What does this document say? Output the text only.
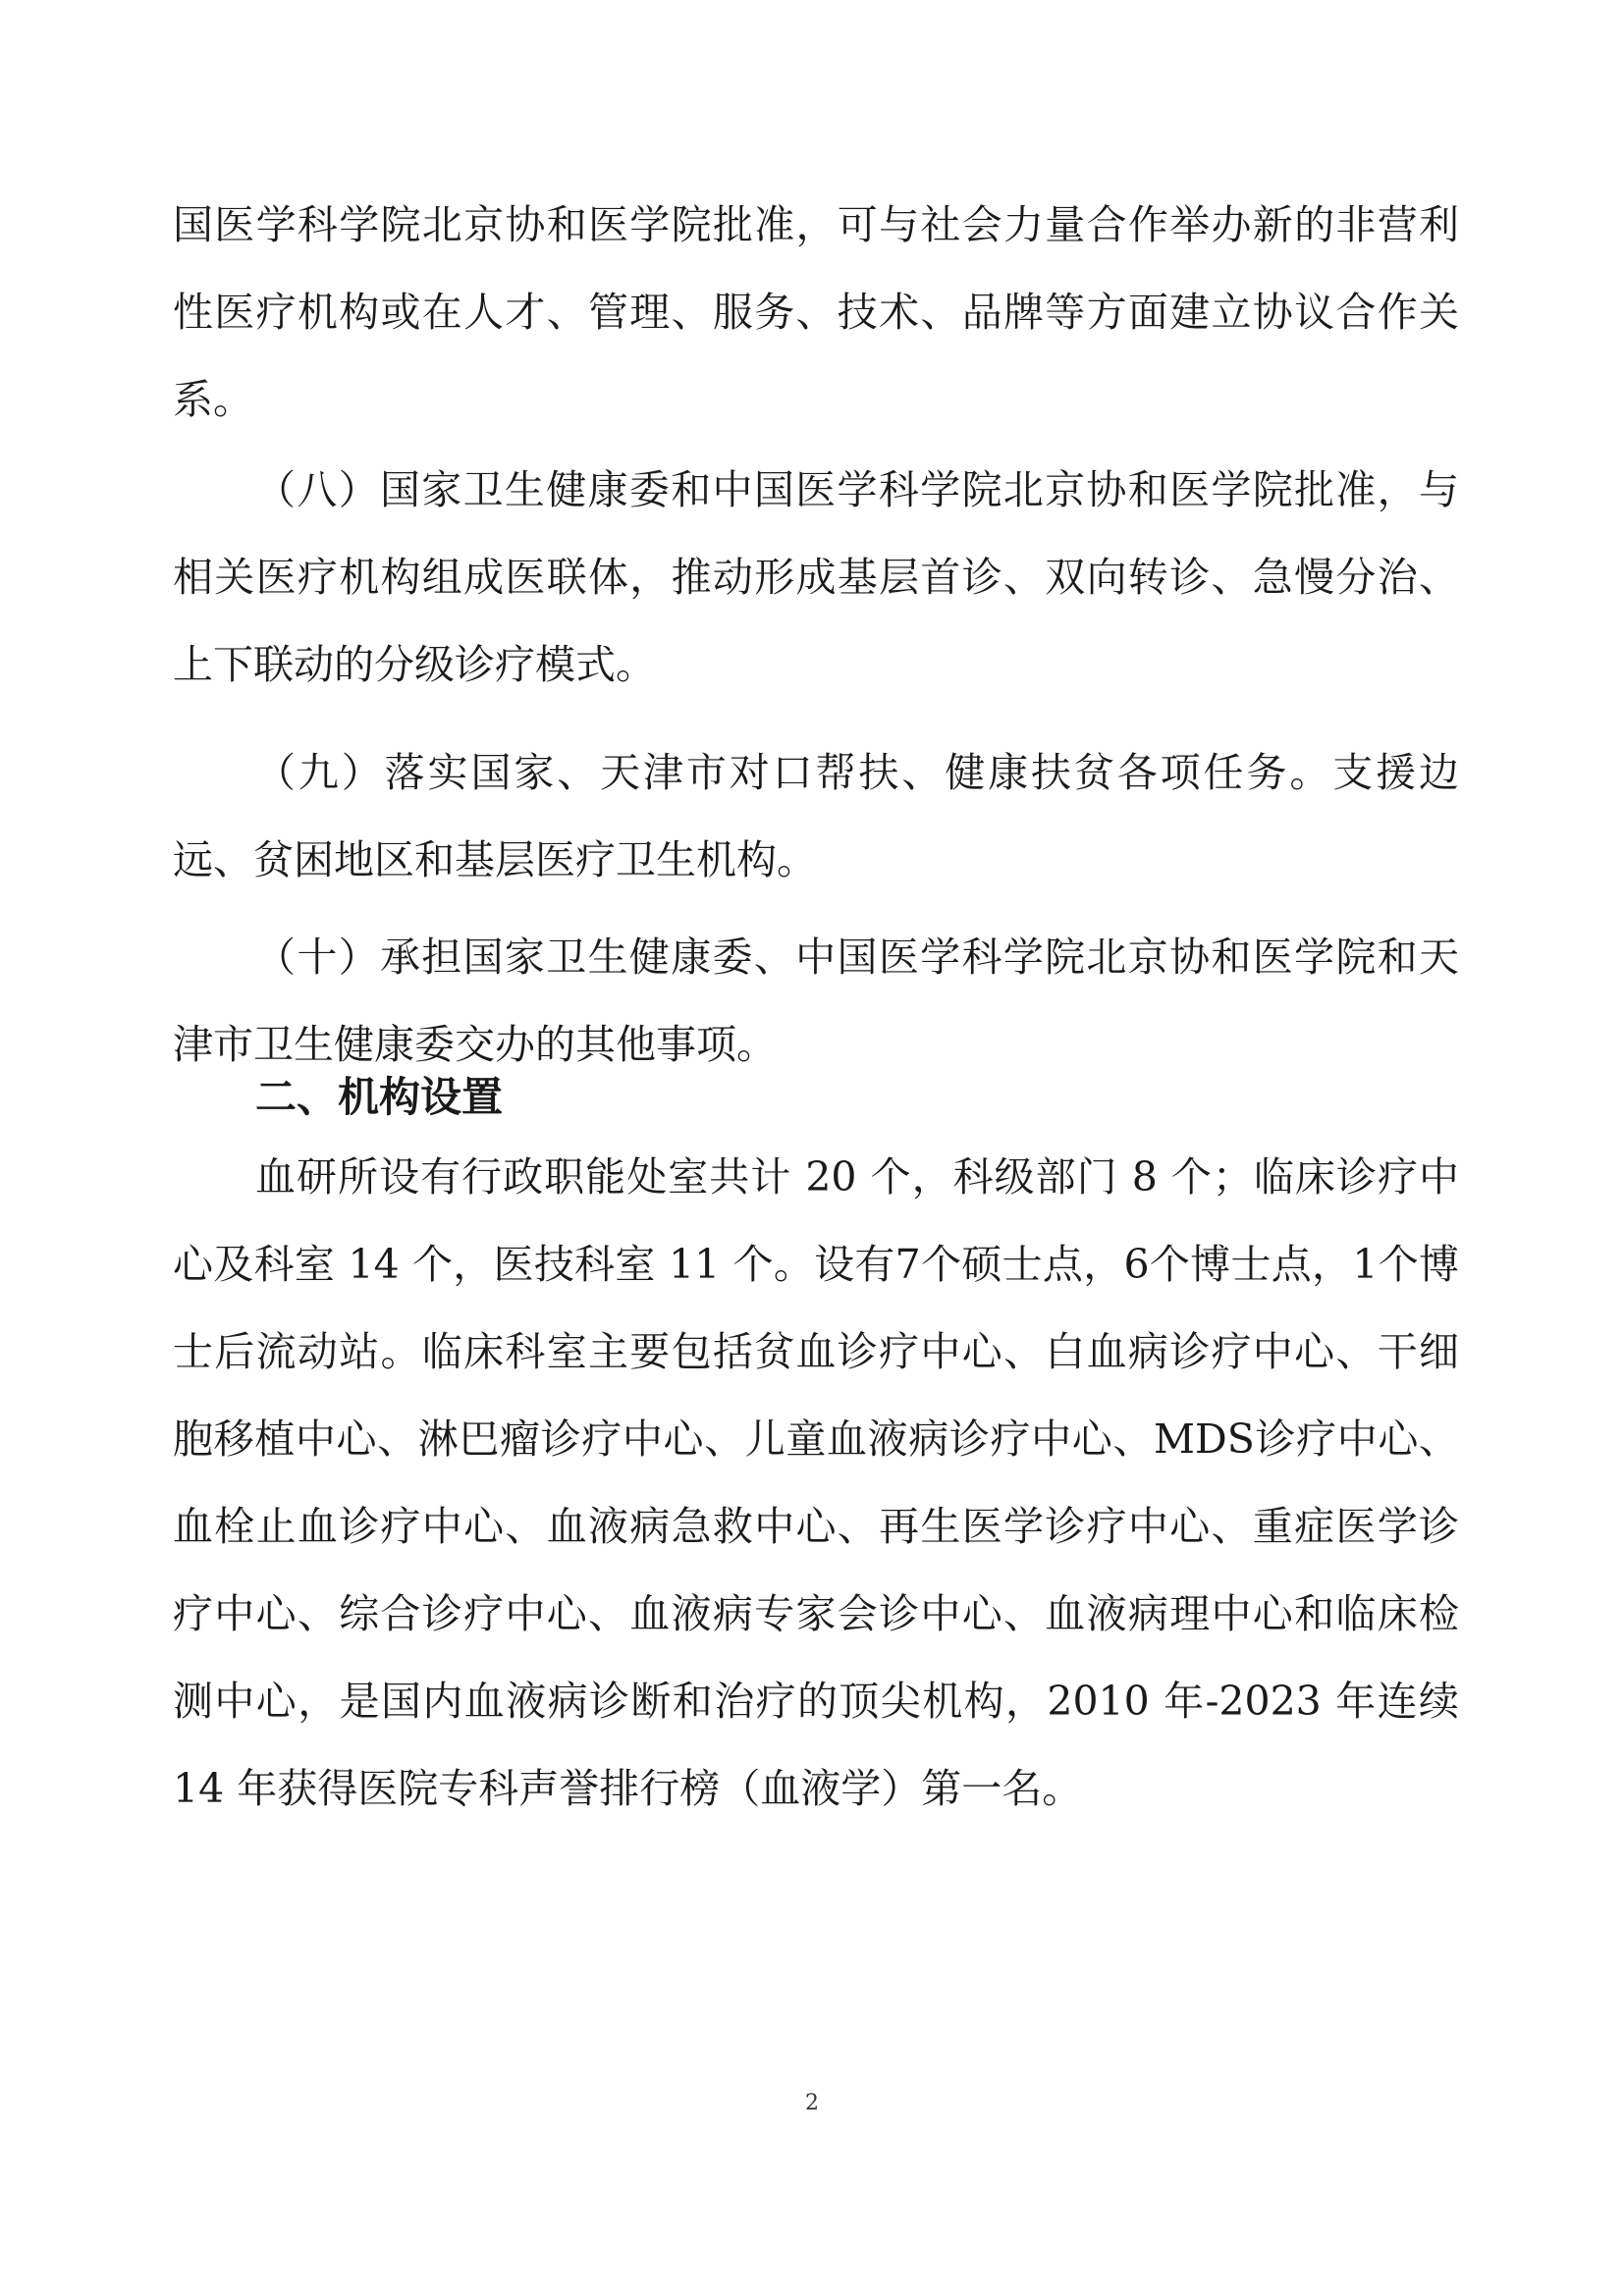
国医学科学院北京协和医学院批准，可与社会力量合作举办新的非营利性医疗机构或在人才、管理、服务、技术、品牌等方面建立协议合作关系。

（八）国家卫生健康委和中国医学科学院北京协和医学院批准，与相关医疗机构组成医联体，推动形成基层首诊、双向转诊、急慢分治、上下联动的分级诊疗模式。

（九）落实国家、天津市对口帮扶、健康扶贫各项任务。支援边远、贫困地区和基层医疗卫生机构。

（十）承担国家卫生健康委、中国医学科学院北京协和医学院和天津市卫生健康委交办的其他事项。

二、机构设置

血研所设有行政职能处室共计 20 个，科级部门 8 个；临床诊疗中心及科室 14 个，医技科室 11 个。设有7个硕士点，6个博士点，1个博士后流动站。临床科室主要包括贫血诊疗中心、白血病诊疗中心、干细胞移植中心、淋巴瘤诊疗中心、儿童血液病诊疗中心、MDS诊疗中心、血栓止血诊疗中心、血液病急救中心、再生医学诊疗中心、重症医学诊疗中心、综合诊疗中心、血液病专家会诊中心、血液病理中心和临床检测中心，是国内血液病诊断和治疗的顶尖机构，2010 年-2023 年连续 14 年获得医院专科声誉排行榜（血液学）第一名。

2
